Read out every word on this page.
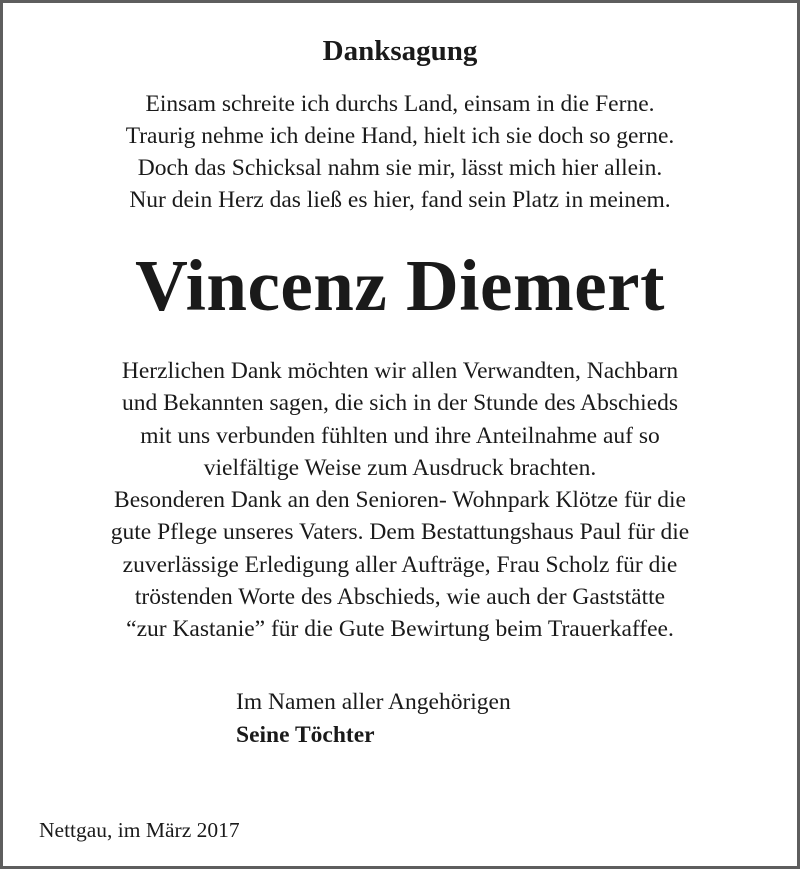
Danksagung
Einsam schreite ich durchs Land, einsam in die Ferne.
Traurig nehme ich deine Hand, hielt ich sie doch so gerne.
Doch das Schicksal nahm sie mir, lässt mich hier allein.
Nur dein Herz das ließ es hier, fand sein Platz in meinem.
Vincenz Diemert
Herzlichen Dank möchten wir allen Verwandten, Nachbarn
und Bekannten sagen, die sich in der Stunde des Abschieds
mit uns verbunden fühlten und ihre Anteilnahme auf so
vielfältige Weise zum Ausdruck brachten.
Besonderen Dank an den Senioren- Wohnpark Klötze für die
gute Pflege unseres Vaters. Dem Bestattungshaus Paul für die
zuverlässige Erledigung aller Aufträge, Frau Scholz für die
tröstenden Worte des Abschieds, wie auch der Gaststätte
“zur Kastanie” für die Gute Bewirtung beim Trauerkaffee.
Im Namen aller Angehörigen
Seine Töchter
Nettgau, im März 2017
